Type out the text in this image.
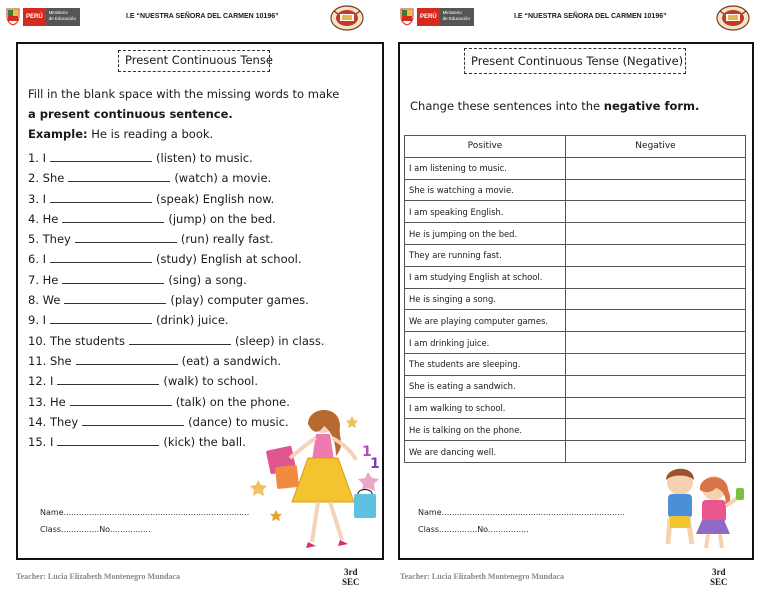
PERÚ
Ministerio
de Educación	I.E “NUESTRA SEÑORA DEL CARMEN 10196”
Present Continuous Tense
Fill in the blank space with the missing words to make
a present continuous sentence.
Example: He is reading a book.
1.
I	(listen) to music.
2.
She	(watch) a movie.
3.
I	(speak) English now.
4.
He	(jump) on the bed.
5.
They	(run) really fast.
6.
I	(study) English at school.
7.
He	(sing) a song.
8.
We	(play) computer games.
9.
I	(drink) juice.
10.
The students	(sleep) in class.
11.
She	(eat) a sandwich.
12.
I	(walk) to school.
13.
He	(talk) on the phone.
14.
They	(dance) to music.
15.
I	(kick) the ball.
Name.........................................................................
Class...............No................
1
1
Teacher: Lucia Elizabeth Montenegro Mundaca	3rd
SEC
PERÚ
Ministerio
de Educación	I.E “NUESTRA SEÑORA DEL CARMEN 10196”
Present Continuous Tense (Negative)
Change these sentences into the negative form.
Positive	Negative
I am listening to music.	
She is watching a movie.	
I am speaking English.	
He is jumping on the bed.	
They are running fast.	
I am studying English at school.	
He is singing a song.	
We are playing computer games.	
I am drinking juice.	
The students are sleeping.	
She is eating a sandwich.	
I am walking to school.	
He is talking on the phone.	
We are dancing well.	
Name........................................................................
Class...............No................
Teacher: Lucia Elizabeth Montenegro Mundaca	3rd
SEC
